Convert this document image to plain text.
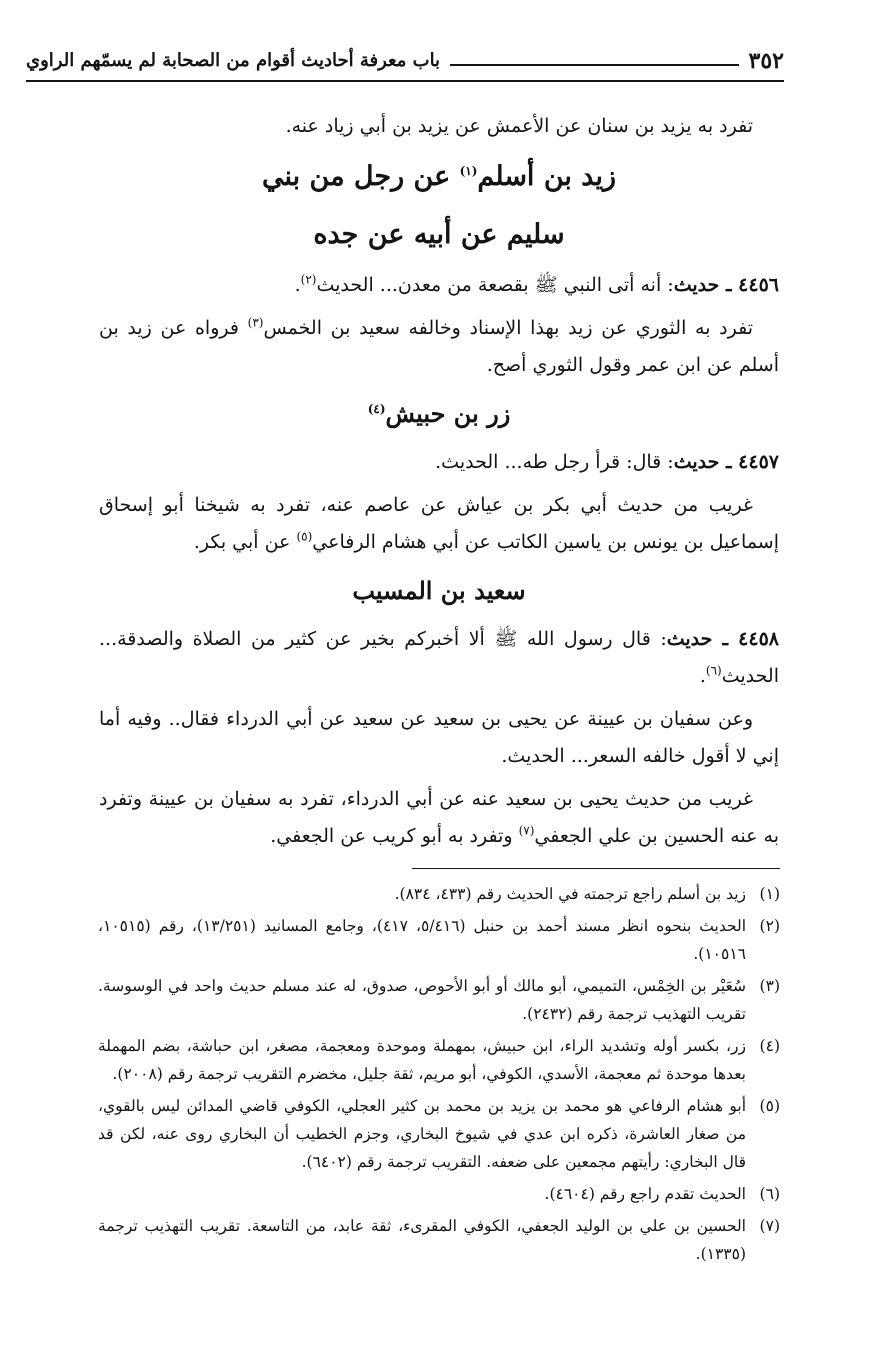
٣٥٢
باب معرفة أحاديث أقوام من الصحابة لم يسمّهم الراوي

تفرد به يزيد بن سنان عن الأعمش عن يزيد بن أبي زياد عنه.

زيد بن أسلم$^{(١)}$ عن رجل من بني

سليم عن أبيه عن جده

٤٤٥٦ ـ حديث: أنه أتى النبي ﷺ بقصعة من معدن... الحديث$^{(٢)}$.

تفرد به الثوري عن زيد بهذا الإسناد وخالفه سعيد بن الخمس$^{(٣)}$ فرواه عن زيد بن أسلم عن ابن عمر وقول الثوري أصح.

زر بن حبيش$^{(٤)}$

٤٤٥٧ ـ حديث: قال: قرأ رجل طه... الحديث.

غريب من حديث أبي بكر بن عياش عن عاصم عنه، تفرد به شيخنا أبو إسحاق إسماعيل بن يونس بن ياسين الكاتب عن أبي هشام الرفاعي$^{(٥)}$ عن أبي بكر.

سعيد بن المسيب

٤٤٥٨ ـ حديث: قال رسول الله ﷺ ألا أخبركم بخير عن كثير من الصلاة والصدقة... الحديث$^{(٦)}$.

وعن سفيان بن عيينة عن يحيى بن سعيد عن سعيد عن أبي الدرداء فقال.. وفيه أما إني لا أقول خالفه السعر... الحديث.

غريب من حديث يحيى بن سعيد عنه عن أبي الدرداء، تفرد به سفيان بن عيينة وتفرد به عنه الحسين بن علي الجعفي$^{(٧)}$ وتفرد به أبو كريب عن الجعفي.

(١)
زيد بن أسلم راجع ترجمته في الحديث رقم (٤٣٣، ٨٣٤).
(٢)
الحديث بنحوه انظر مسند أحمد بن حنبل (٥/٤١٦، ٤١٧)، وجامع المسانيد (١٣/٢٥١)، رقم (١٠٥١٥، ١٠٥١٦).
(٣)
سُعَيْر بن الخِمْس، التميمي، أبو مالك أو أبو الأحوص، صدوق، له عند مسلم حديث واحد في الوسوسة. تقريب التهذيب ترجمة رقم (٢٤٣٢).
(٤)
زر، بكسر أوله وتشديد الراء، ابن حبيش، بمهملة وموحدة ومعجمة، مصغر، ابن حباشة، بضم المهملة بعدها موحدة ثم معجمة، الأسدي، الكوفي، أبو مريم، ثقة جليل، مخضرم التقريب ترجمة رقم (٢٠٠٨).
(٥)
أبو هشام الرفاعي هو محمد بن يزيد بن محمد بن كثير العجلي، الكوفي قاضي المدائن ليس بالقوي، من صغار العاشرة، ذكره ابن عدي في شيوخ البخاري، وجزم الخطيب أن البخاري روى عنه، لكن قد قال البخاري: رأيتهم مجمعين على ضعفه. التقريب ترجمة رقم (٦٤٠٢).
(٦)
الحديث تقدم راجع رقم (٤٦٠٤).
(٧)
الحسين بن علي بن الوليد الجعفي، الكوفي المقرىء، ثقة عابد، من التاسعة. تقريب التهذيب ترجمة (١٣٣٥).
